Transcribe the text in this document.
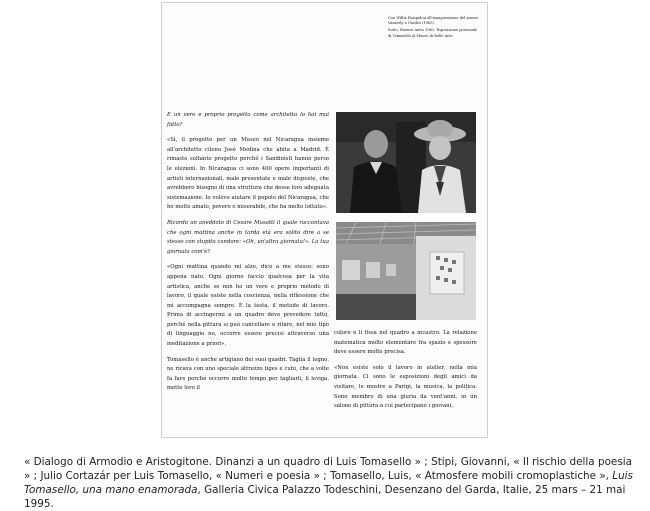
Con Willie Pompidou all'inaugurazione del museo Vasarely a Gordes (1965)

Sotto, Buenos Aires 1962. Esposizione personale di Tomasello al Museo di Belle Arte.

E un vero e proprio progetto come architetto lo hai mai fatto?

«Sì, il progetto per un Museo nel Nicaragua insieme all'architetto cileno José Medina che abita a Madrid. È rimasto soltanto progetto perché i Sandinisti hanno perso le elezioni. In Nicaragua ci sono 400 opere importanti di artisti internazionali, male presentate e male disposte, che avrebbero bisogno di una struttura che desse loro adeguata sistemazione. Io volevo aiutare il popolo del Nicaragua, che ho molto amato, povero e miserabile, che ha molto lottato».

Ricordo un aneddoto di Cesare Musatti il quale raccontava che ogni mattina anche in tarda età era solito dire a se stesso con stupito candore: «Oh, un'altra giornata!». La tua giornata com'è?

«Ogni mattina quando mi alzo, dico a me stesso: sono appena nato. Ogni giorno faccio qualcosa per la vita artistica, anche se non ho un vero e proprio metodo di lavoro, il quale esiste nella coscienza, nella riflessione che mi accompagna sempre. È la testa, il metodo di lavoro. Prima di accingermi a un quadro devo prevedere tutto, perché nella pittura si può cancellare e rifare, nel mio tipo di linguaggio no, occorre essere precisi attraverso una meditazione a priori».

Tomasello è anche artigiano dei suoi quadri. Taglia il legno, ne ricava con uno speciale attrezzo tiges e cubi, che a volte fa fare perché occorre molto tempo per tagliarli, li leviga, mette loro il

colore e li fissa nel quadro a incastro. La relazione matematica molto elementare fra spazio e spessore deve essere molto precisa.

«Non esiste solo il lavoro in atelier, nella mia giornata. Ci sono le esposizioni degli amici da visitare, le mostre a Parigi, la musica, la politica. Sono membro di una giuria da vent'anni, in un salone di pittura a cui partecipano i giovani,

« Dialogo di Armodio e Aristogitone. Dinanzi a un quadro di Luis Tomasello » ; Stipi, Giovanni, « Il rischio della poesia » ; Julio Cortazár per Luis Tomasello, « Numeri e poesia » ; Tomasello, Luis, « Atmosfere mobili cromoplastiche », Luis Tomasello, una mano enamorada, Galleria Civica Palazzo Todeschini, Desenzano del Garda, Italie, 25 mars – 21 mai 1995.
